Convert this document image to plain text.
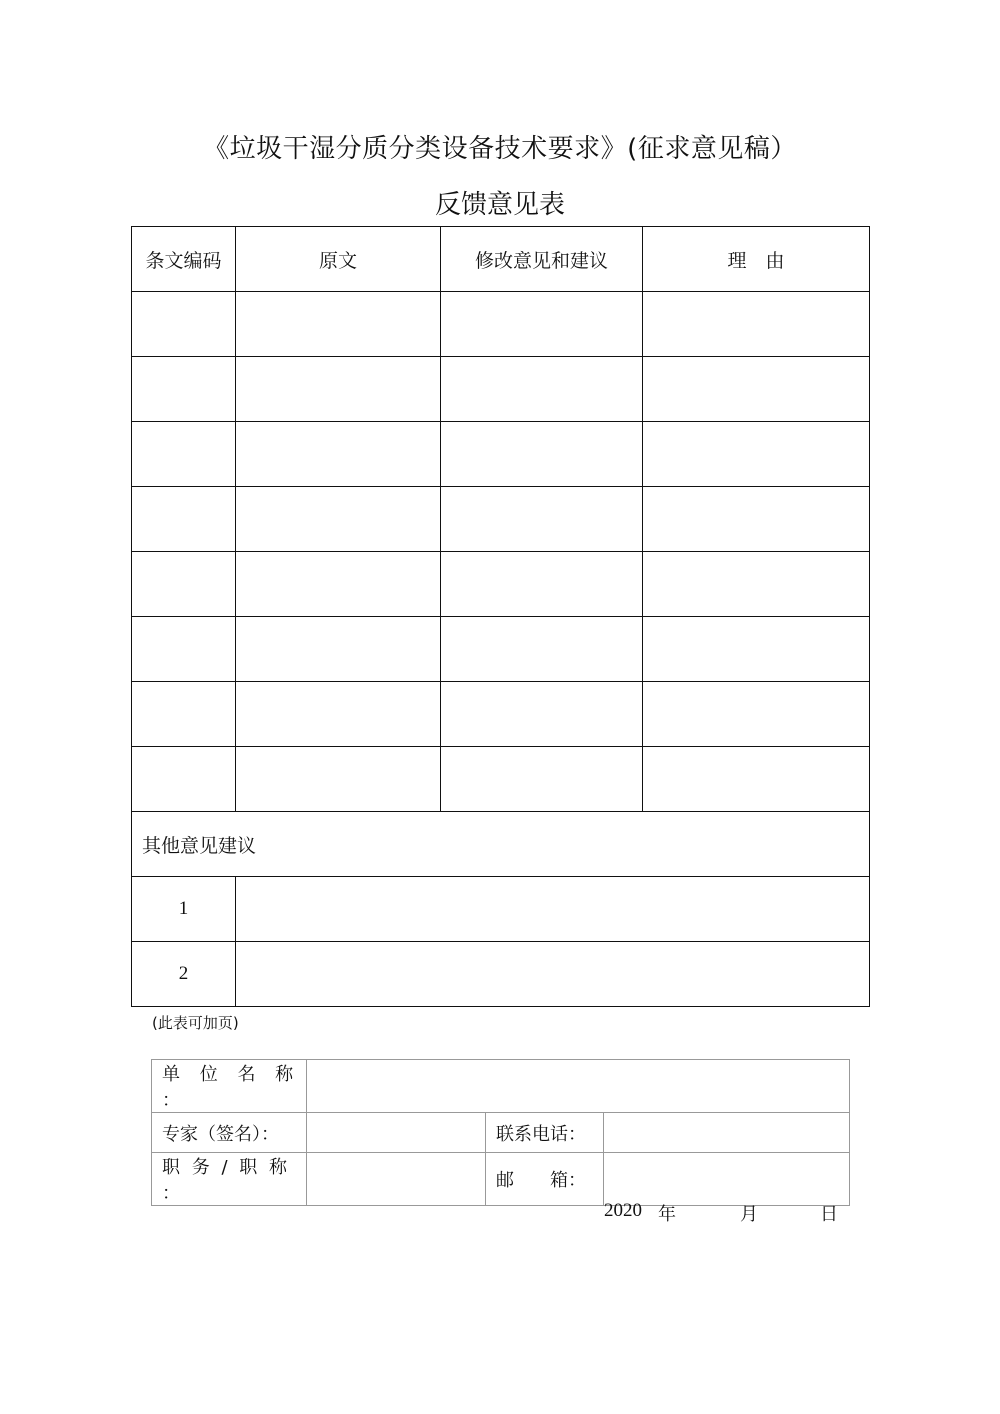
《垃圾干湿分质分类设备技术要求》(征求意见稿）
反馈意见表
条文编码	原文	修改意见和建议	理　由

其他意见建议			
1			
2			
(此表可加页)
单 位 名 称 ：			
专家（签名）：		联系电话：	
职 务 / 职 称 ：		邮　　箱：	
2020 年	月	日
